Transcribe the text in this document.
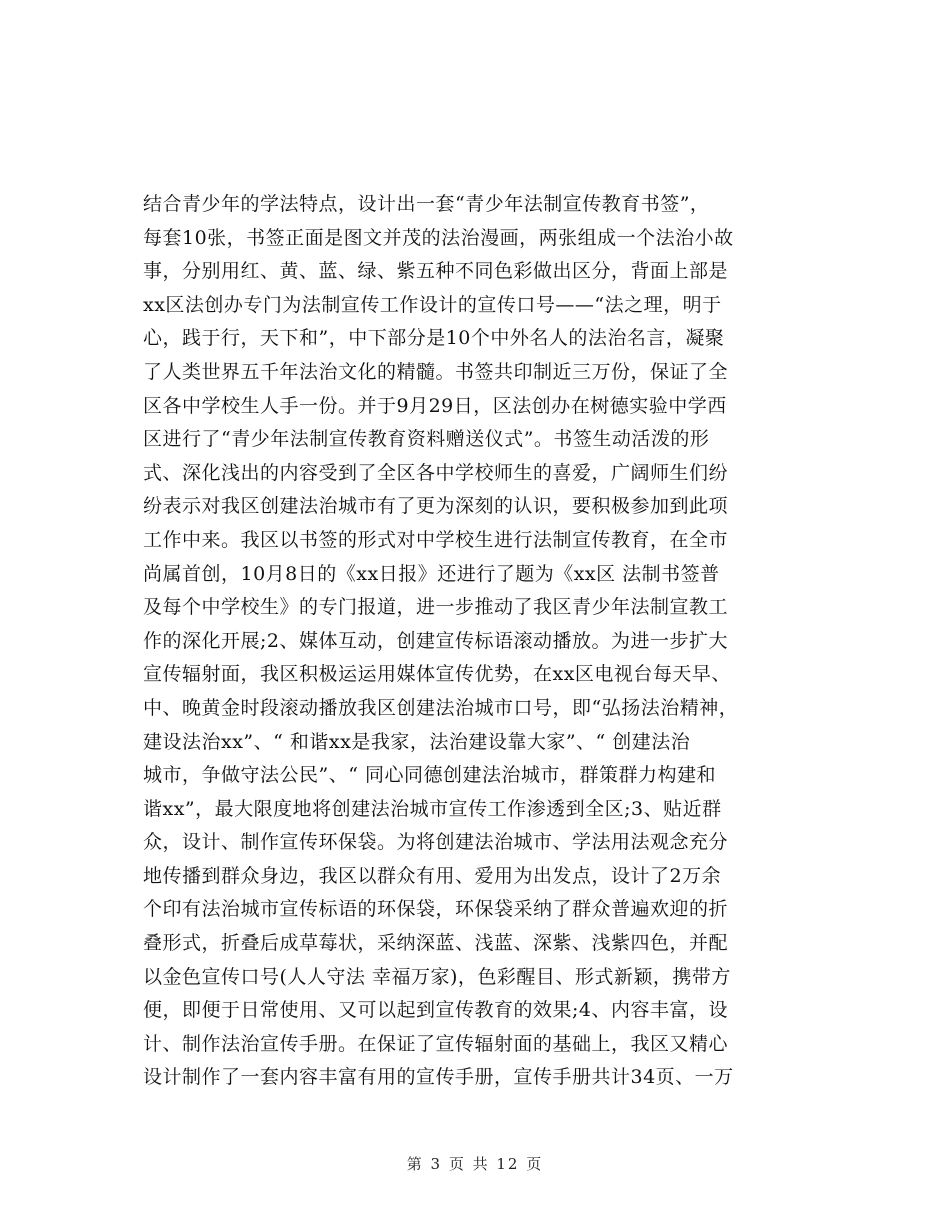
结合青少年的学法特点，设计出一套“青少年法制宣传教育书签”，
每套10张，书签正面是图文并茂的法治漫画，两张组成一个法治小故
事，分别用红、黄、蓝、绿、紫五种不同色彩做出区分，背面上部是
xx区法创办专门为法制宣传工作设计的宣传口号——“法之理，明于
心，践于行，天下和”，中下部分是10个中外名人的法治名言，凝聚
了人类世界五千年法治文化的精髓。书签共印制近三万份，保证了全
区各中学校生人手一份。并于9月29日，区法创办在树德实验中学西
区进行了“青少年法制宣传教育资料赠送仪式”。书签生动活泼的形
式、深化浅出的内容受到了全区各中学校师生的喜爱，广阔师生们纷
纷表示对我区创建法治城市有了更为深刻的认识，要积极参加到此项
工作中来。我区以书签的形式对中学校生进行法制宣传教育，在全市
尚属首创，10月8日的《xx日报》还进行了题为《xx区 法制书签普
及每个中学校生》的专门报道，进一步推动了我区青少年法制宣教工
作的深化开展;2、媒体互动，创建宣传标语滚动播放。为进一步扩大
宣传辐射面，我区积极运运用媒体宣传优势，在xx区电视台每天早、
中、晚黄金时段滚动播放我区创建法治城市口号，即“弘扬法治精神，
建设法治xx”、“ 和谐xx是我家，法治建设靠大家”、“ 创建法治
城市，争做守法公民”、“ 同心同德创建法治城市，群策群力构建和
谐xx”，最大限度地将创建法治城市宣传工作渗透到全区;3、贴近群
众，设计、制作宣传环保袋。为将创建法治城市、学法用法观念充分
地传播到群众身边，我区以群众有用、爱用为出发点，设计了2万余
个印有法治城市宣传标语的环保袋，环保袋采纳了群众普遍欢迎的折
叠形式，折叠后成草莓状，采纳深蓝、浅蓝、深紫、浅紫四色，并配
以金色宣传口号(人人守法 幸福万家)，色彩醒目、形式新颖，携带方
便，即便于日常使用、又可以起到宣传教育的效果;4、内容丰富，设
计、制作法治宣传手册。在保证了宣传辐射面的基础上，我区又精心
设计制作了一套内容丰富有用的宣传手册，宣传手册共计34页、一万
第 3 页 共 12 页
